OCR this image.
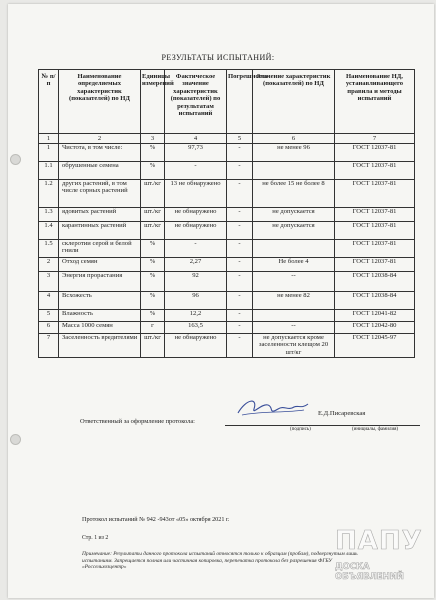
РЕЗУЛЬТАТЫ ИСПЫТАНИЙ:
№ п/п	Наименование определяемых характеристик (показателей) по НД	Единицы измерений	Фактическое значение характеристик (показателей) по результатам испытаний	Погрешность	Значение характеристик (показателей) по НД	Наименование НД, устанавливающего правила и методы испытаний
1	2	3	4	5	6	7
1	Чистота, в том числе:	%	97,73	-	не менее 96	ГОСТ 12037-81
1.1	обрушенные семена	%	-	-		ГОСТ 12037-81
1.2	других растений, в том числе сорных растений	шт./кг	13 не обнаружено	-	не более 15 не более 8	ГОСТ 12037-81
1.3	ядовитых растений	шт./кг	не обнаружено	-	не допускается	ГОСТ 12037-81
1.4	карантинных растений	шт./кг	не обнаружено	-	не допускается	ГОСТ 12037-81
1.5	склеротии серой и белой гнили	%	-	-		ГОСТ 12037-81
2	Отход семян	%	2,27	-	Не более 4	ГОСТ 12037-81
3	Энергия прорастания	%	92	-	--	ГОСТ 12038-84
4	Всхожесть	%	96	-	не менее 82	ГОСТ 12038-84
5	Влажность	%	12,2	-		ГОСТ 12041-82
6	Масса 1000 семян	г	163,5	-	--	ГОСТ 12042-80
7	Заселенность вредителями	шт./кг	не обнаружено	-	не допускается кроме заселенности клещом 20 шт/кг	ГОСТ 12045-97
Ответственный за оформление протокола:
Е.Д.Писаревская
(подпись)	(инициалы, фамилия)
Протокол испытаний № 942 -943от «05» октября 2021 г.
Стр. 1 из 2
Примечание: Результаты данного протокола испытаний относятся только к образцам (пробам), подвергнутым лишь испытаниям. Запрещается полная или частичная копировка, перепечатка протокола без разрешения ФГБУ «Россельхозцентр»
ПАПУ
ДОСКА ОБЪЯВЛЕНИЙ
